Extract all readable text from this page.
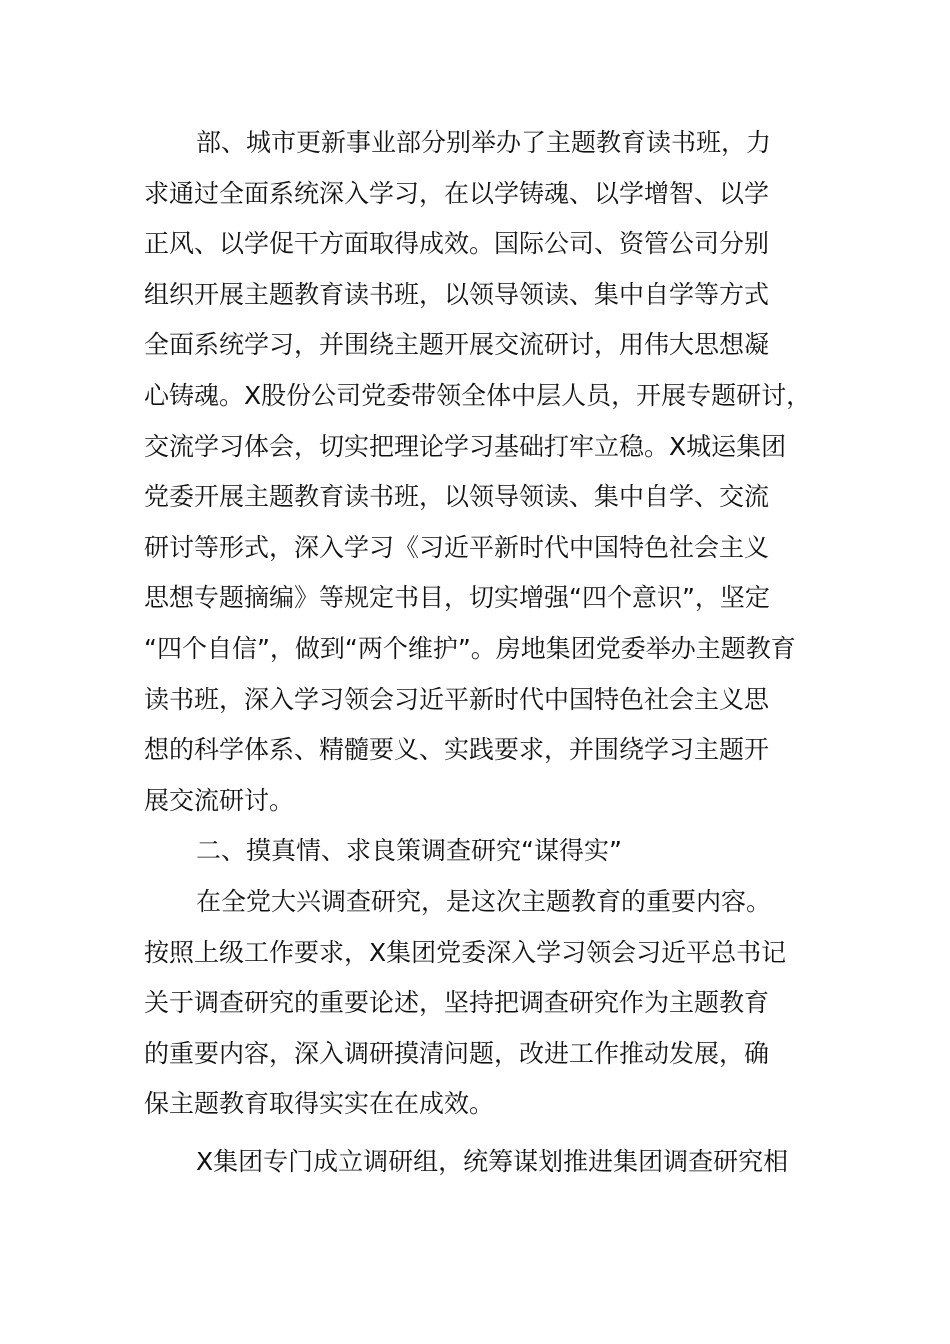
部、城市更新事业部分别举办了主题教育读书班，力
求通过全面系统深入学习，在以学铸魂、以学增智、以学
正风、以学促干方面取得成效。国际公司、资管公司分别
组织开展主题教育读书班，以领导领读、集中自学等方式
全面系统学习，并围绕主题开展交流研讨，用伟大思想凝
心铸魂。X股份公司党委带领全体中层人员，开展专题研讨，
交流学习体会，切实把理论学习基础打牢立稳。X城运集团
党委开展主题教育读书班，以领导领读、集中自学、交流
研讨等形式，深入学习《习近平新时代中国特色社会主义
思想专题摘编》等规定书目，切实增强“四个意识”，坚定
“四个自信”，做到“两个维护”。房地集团党委举办主题教育
读书班，深入学习领会习近平新时代中国特色社会主义思
想的科学体系、精髓要义、实践要求，并围绕学习主题开
展交流研讨。
二、摸真情、求良策调查研究“谋得实”
在全党大兴调查研究，是这次主题教育的重要内容。
按照上级工作要求，X集团党委深入学习领会习近平总书记
关于调查研究的重要论述，坚持把调查研究作为主题教育
的重要内容，深入调研摸清问题，改进工作推动发展，确
保主题教育取得实实在在成效。
X集团专门成立调研组，统筹谋划推进集团调查研究相
